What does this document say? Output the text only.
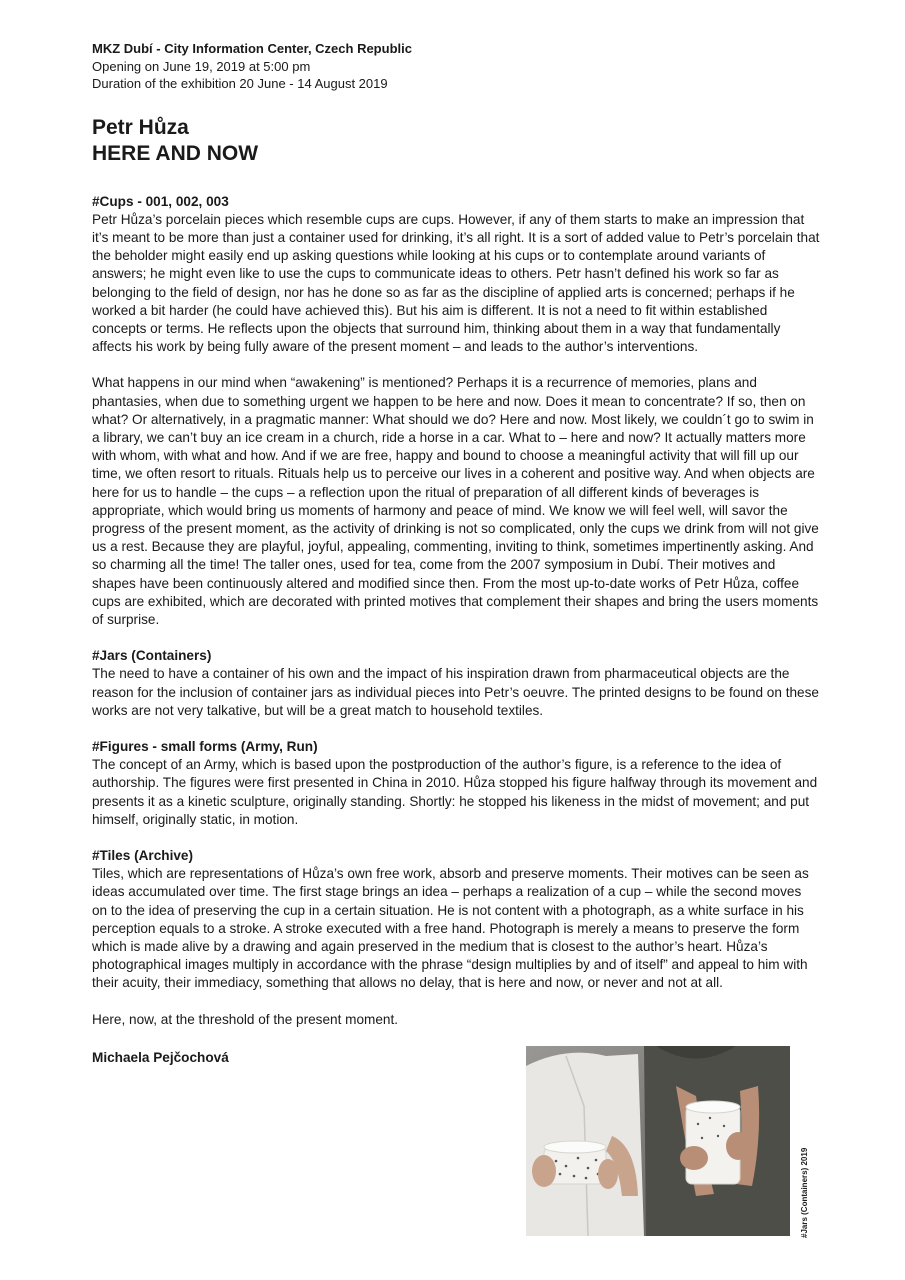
MKZ Dubí - City Information Center, Czech Republic
Opening on June 19, 2019 at 5:00 pm
Duration of the exhibition 20 June - 14 August 2019
Petr Hůza
HERE AND NOW
#Cups - 001, 002, 003

Petr Hůza’s porcelain pieces which resemble cups are cups. However, if any of them starts to make an impression that it’s meant to be more than just a container used for drinking, it’s all right. It is a sort of added value to Petr’s porcelain that the beholder might easily end up asking questions while looking at his cups or to contemplate around variants of answers; he might even like to use the cups to communicate ideas to others. Petr hasn’t defined his work so far as belonging to the field of design, nor has he done so as far as the discipline of applied arts is concerned; perhaps if he worked a bit harder (he could have achieved this). But his aim is different. It is not a need to fit within established concepts or terms. He reflects upon the objects that surround him, thinking about them in a way that fundamentally affects his work by being fully aware of the present moment – and leads to the author’s interventions.

What happens in our mind when “awakening” is mentioned? Perhaps it is a recurrence of memories, plans and phantasies, when due to something urgent we happen to be here and now. Does it mean to concentrate? If so, then on what? Or alternatively, in a pragmatic manner: What should we do? Here and now. Most likely, we couldn´t go to swim in a library, we can’t buy an ice cream in a church, ride a horse in a car. What to – here and now? It actually matters more with whom, with what and how. And if we are free, happy and bound to choose a meaningful activity that will fill up our time, we often resort to rituals. Rituals help us to perceive our lives in a coherent and positive way. And when objects are here for us to handle – the cups – a reflection upon the ritual of preparation of all different kinds of beverages is appropriate, which would bring us moments of harmony and peace of mind. We know we will feel well, will savor the progress of the present moment, as the activity of drinking is not so complicated, only the cups we drink from will not give us a rest. Because they are playful, joyful, appealing, commenting, inviting to think, sometimes impertinently asking. And so charming all the time! The taller ones, used for tea, come from the 2007 symposium in Dubí. Their motives and shapes have been continuously altered and modified since then. From the most up-to-date works of Petr Hůza, coffee cups are exhibited, which are decorated with printed motives that complement their shapes and bring the users moments of surprise.

#Jars (Containers)

The need to have a container of his own and the impact of his inspiration drawn from pharmaceutical objects are the reason for the inclusion of container jars as individual pieces into Petr’s oeuvre. The printed designs to be found on these works are not very talkative, but will be a great match to household textiles.

#Figures - small forms (Army, Run)

The concept of an Army, which is based upon the postproduction of the author’s figure, is a reference to the idea of authorship. The figures were first presented in China in 2010. Hůza stopped his figure halfway through its movement and presents it as a kinetic sculpture, originally standing. Shortly: he stopped his likeness in the midst of movement; and put himself, originally static, in motion.

#Tiles (Archive)

Tiles, which are representations of Hůza’s own free work, absorb and preserve moments. Their motives can be seen as ideas accumulated over time. The first stage brings an idea – perhaps a realization of a cup – while the second moves on to the idea of preserving the cup in a certain situation. He is not content with a photograph, as a white surface in his perception equals to a stroke. A stroke executed with a free hand. Photograph is merely a means to preserve the form which is made alive by a drawing and again preserved in the medium that is closest to the author’s heart. Hůza’s photographical images multiply in accordance with the phrase “design multiplies by and of itself” and appeal to him with their acuity, their immediacy, something that allows no delay, that is here and now, or never and not at all.

Here, now, at the threshold of the present moment.
Michaela Pejčochová
#Jars (Containers) 2019
